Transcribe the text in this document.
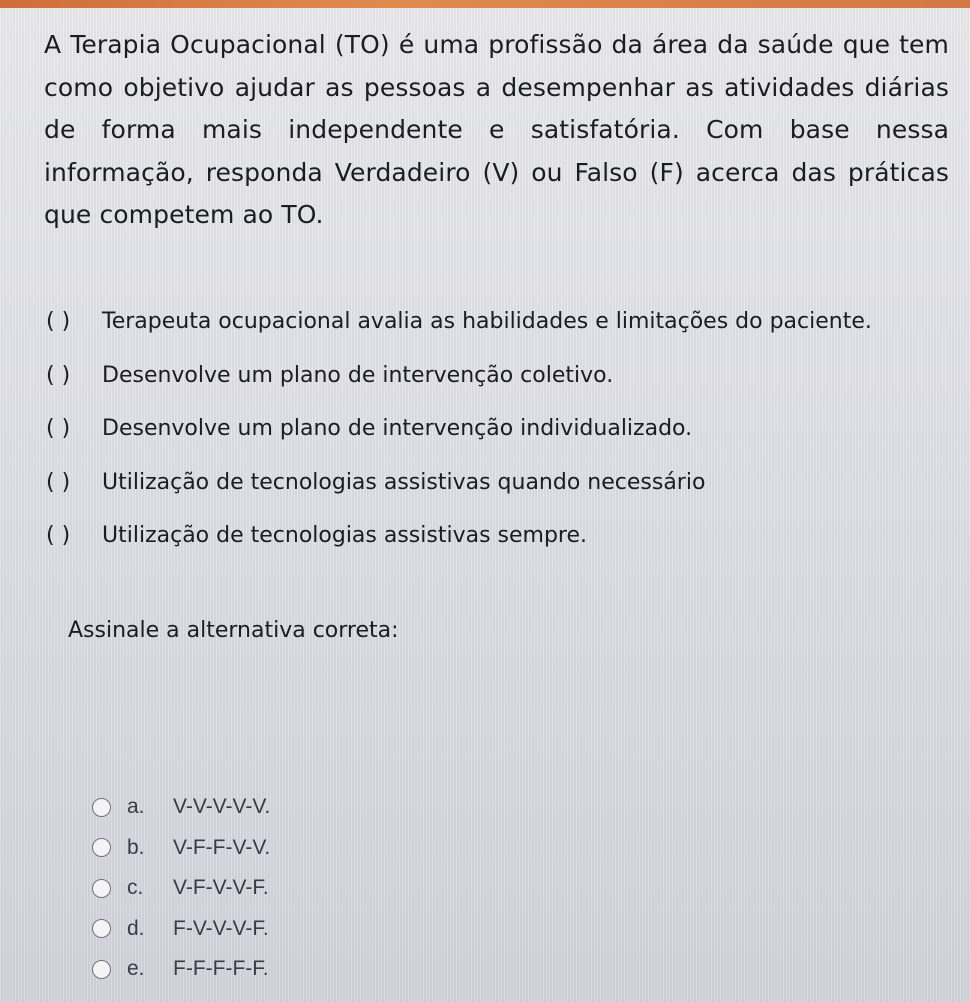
A Terapia Ocupacional (TO) é uma profissão da área da saúde que tem como objetivo ajudar as pessoas a desempenhar as atividades diárias de forma mais independente e satisfatória. Com base nessa informação, responda Verdadeiro (V) ou Falso (F) acerca das práticas que competem ao TO.
( )	Terapeuta ocupacional avalia as habilidades e limitações do paciente.
( )	Desenvolve um plano de intervenção coletivo.
( )	Desenvolve um plano de intervenção individualizado.
( )	Utilização de tecnologias assistivas quando necessário
( )	Utilização de tecnologias assistivas sempre.
Assinale a alternativa correta:
a.	V-V-V-V-V.
b.	V-F-F-V-V.
c.	V-F-V-V-F.
d.	F-V-V-V-F.
e.	F-F-F-F-F.
